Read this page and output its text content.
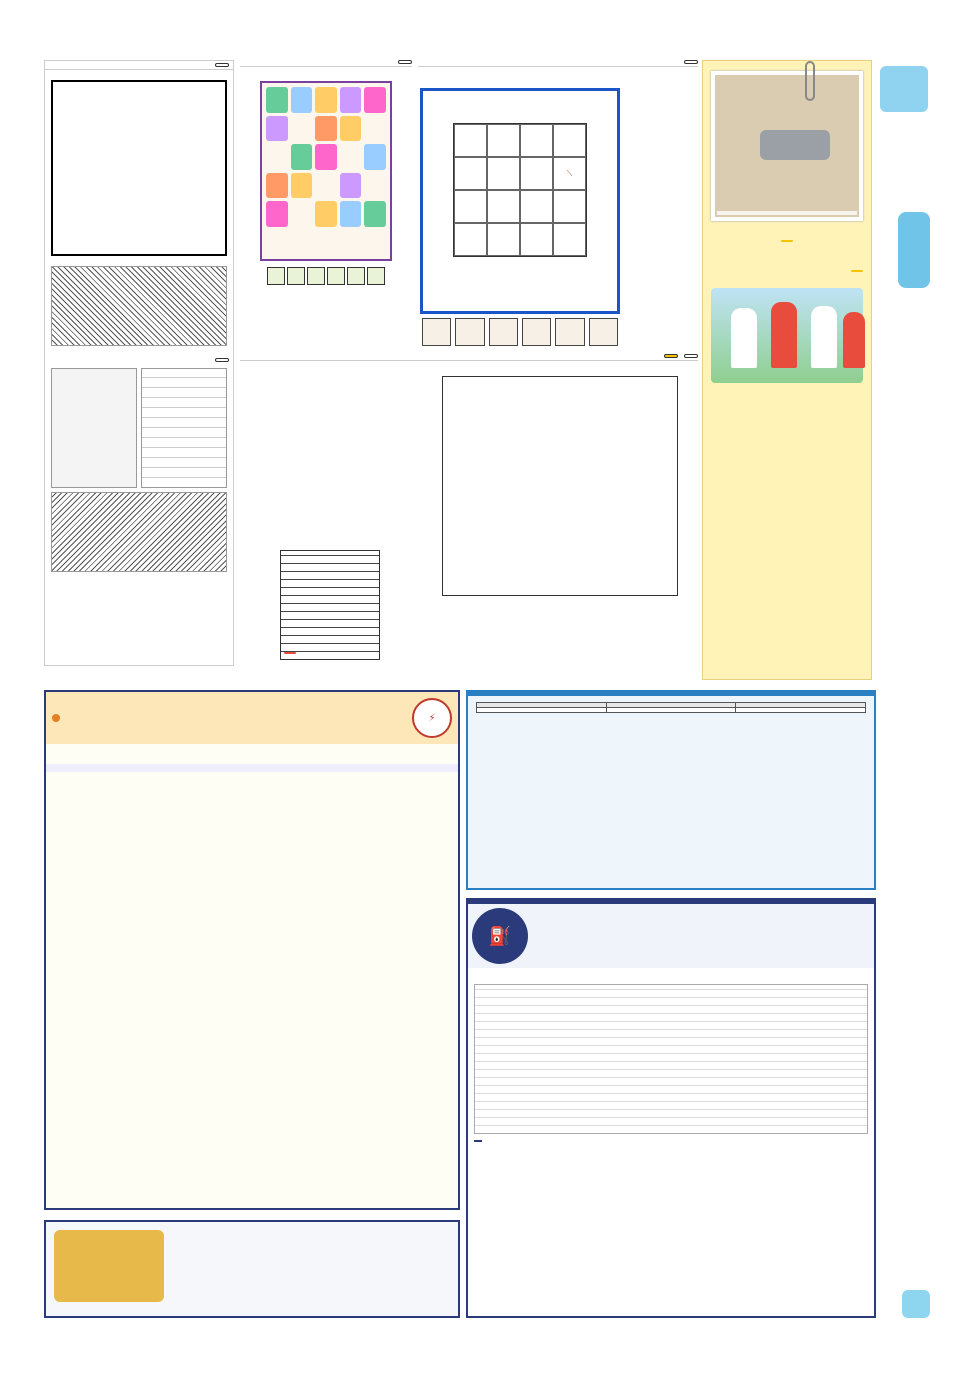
⟋

⚡

⛽
